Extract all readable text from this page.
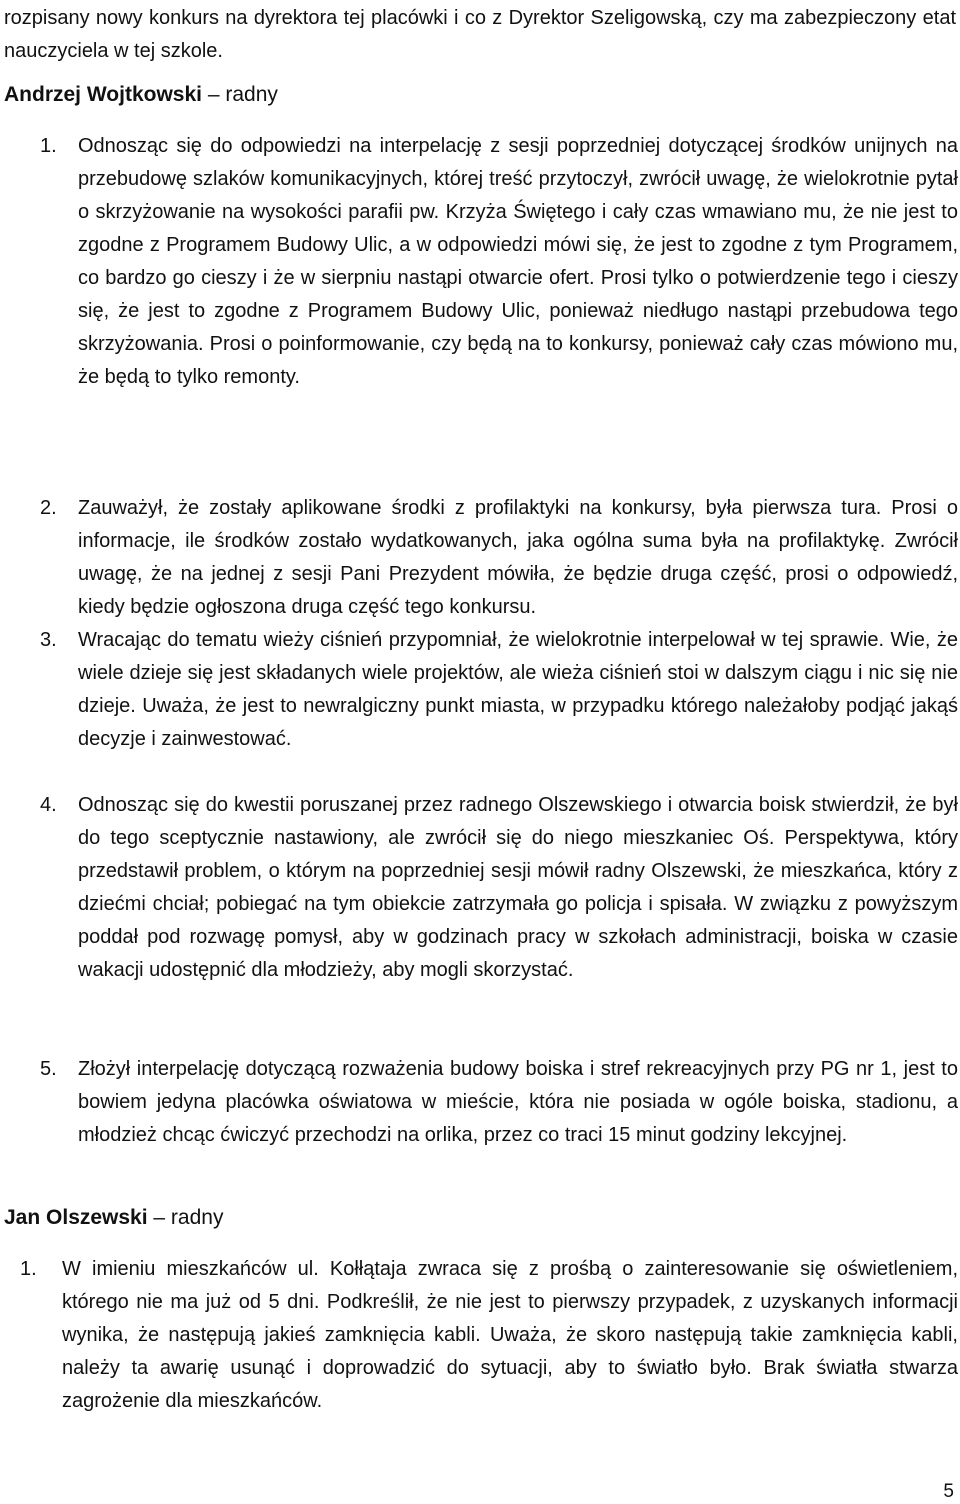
rozpisany nowy konkurs na dyrektora tej placówki i co z Dyrektor Szeligowską, czy ma zabezpieczony etat nauczyciela w tej szkole.

Andrzej Wojtkowski – radny

1. Odnosząc się do odpowiedzi na interpelację z sesji poprzedniej dotyczącej środków unijnych na przebudowę szlaków komunikacyjnych, której treść przytoczył, zwrócił uwagę, że wielokrotnie pytał o skrzyżowanie na wysokości parafii pw. Krzyża Świętego i cały czas wmawiano mu, że nie jest to zgodne z Programem Budowy Ulic, a w odpowiedzi mówi się, że jest to zgodne z tym Programem, co bardzo go cieszy i że w sierpniu nastąpi otwarcie ofert. Prosi tylko o potwierdzenie tego i cieszy się, że jest to zgodne z Programem Budowy Ulic, ponieważ niedługo nastąpi przebudowa tego skrzyżowania. Prosi o poinformowanie, czy będą na to konkursy, ponieważ cały czas mówiono mu, że będą to tylko remonty.

2. Zauważył, że zostały aplikowane środki z profilaktyki na konkursy, była pierwsza tura. Prosi o informacje, ile środków zostało wydatkowanych, jaka ogólna suma była na profilaktykę. Zwrócił uwagę, że na jednej z sesji Pani Prezydent mówiła, że będzie druga część, prosi o odpowiedź, kiedy będzie ogłoszona druga część tego konkursu.

3. Wracając do tematu wieży ciśnień przypomniał, że wielokrotnie interpelował w tej sprawie. Wie, że wiele dzieje się jest składanych wiele projektów, ale wieża ciśnień stoi w dalszym ciągu i nic się nie dzieje. Uważa, że jest to newralgiczny punkt miasta, w przypadku którego należałoby podjąć jakąś decyzje i zainwestować.

4. Odnosząc się do kwestii poruszanej przez radnego Olszewskiego i otwarcia boisk stwierdził, że był do tego sceptycznie nastawiony, ale zwrócił się do niego mieszkaniec Oś. Perspektywa, który przedstawił problem, o którym na poprzedniej sesji mówił radny Olszewski, że mieszkańca, który z dziećmi chciał; pobiegać na tym obiekcie zatrzymała go policja i spisała. W związku z powyższym poddał pod rozwagę pomysł, aby w godzinach pracy w szkołach administracji, boiska w czasie wakacji udostępnić dla młodzieży, aby mogli skorzystać.

5. Złożył interpelację dotyczącą rozważenia budowy boiska i stref rekreacyjnych przy PG nr 1, jest to bowiem jedyna placówka oświatowa w mieście, która nie posiada w ogóle boiska, stadionu, a młodzież chcąc ćwiczyć przechodzi na orlika, przez co traci 15 minut godziny lekcyjnej.

Jan Olszewski – radny

1. W imieniu mieszkańców ul. Kołłątaja zwraca się z prośbą o zainteresowanie się oświetleniem, którego nie ma już od 5 dni. Podkreślił, że nie jest to pierwszy przypadek, z uzyskanych informacji wynika, że następują jakieś zamknięcia kabli. Uważa, że skoro następują takie zamknięcia kabli, należy ta awarię usunąć i doprowadzić do sytuacji, aby to światło było. Brak światła stwarza zagrożenie dla mieszkańców.

5
